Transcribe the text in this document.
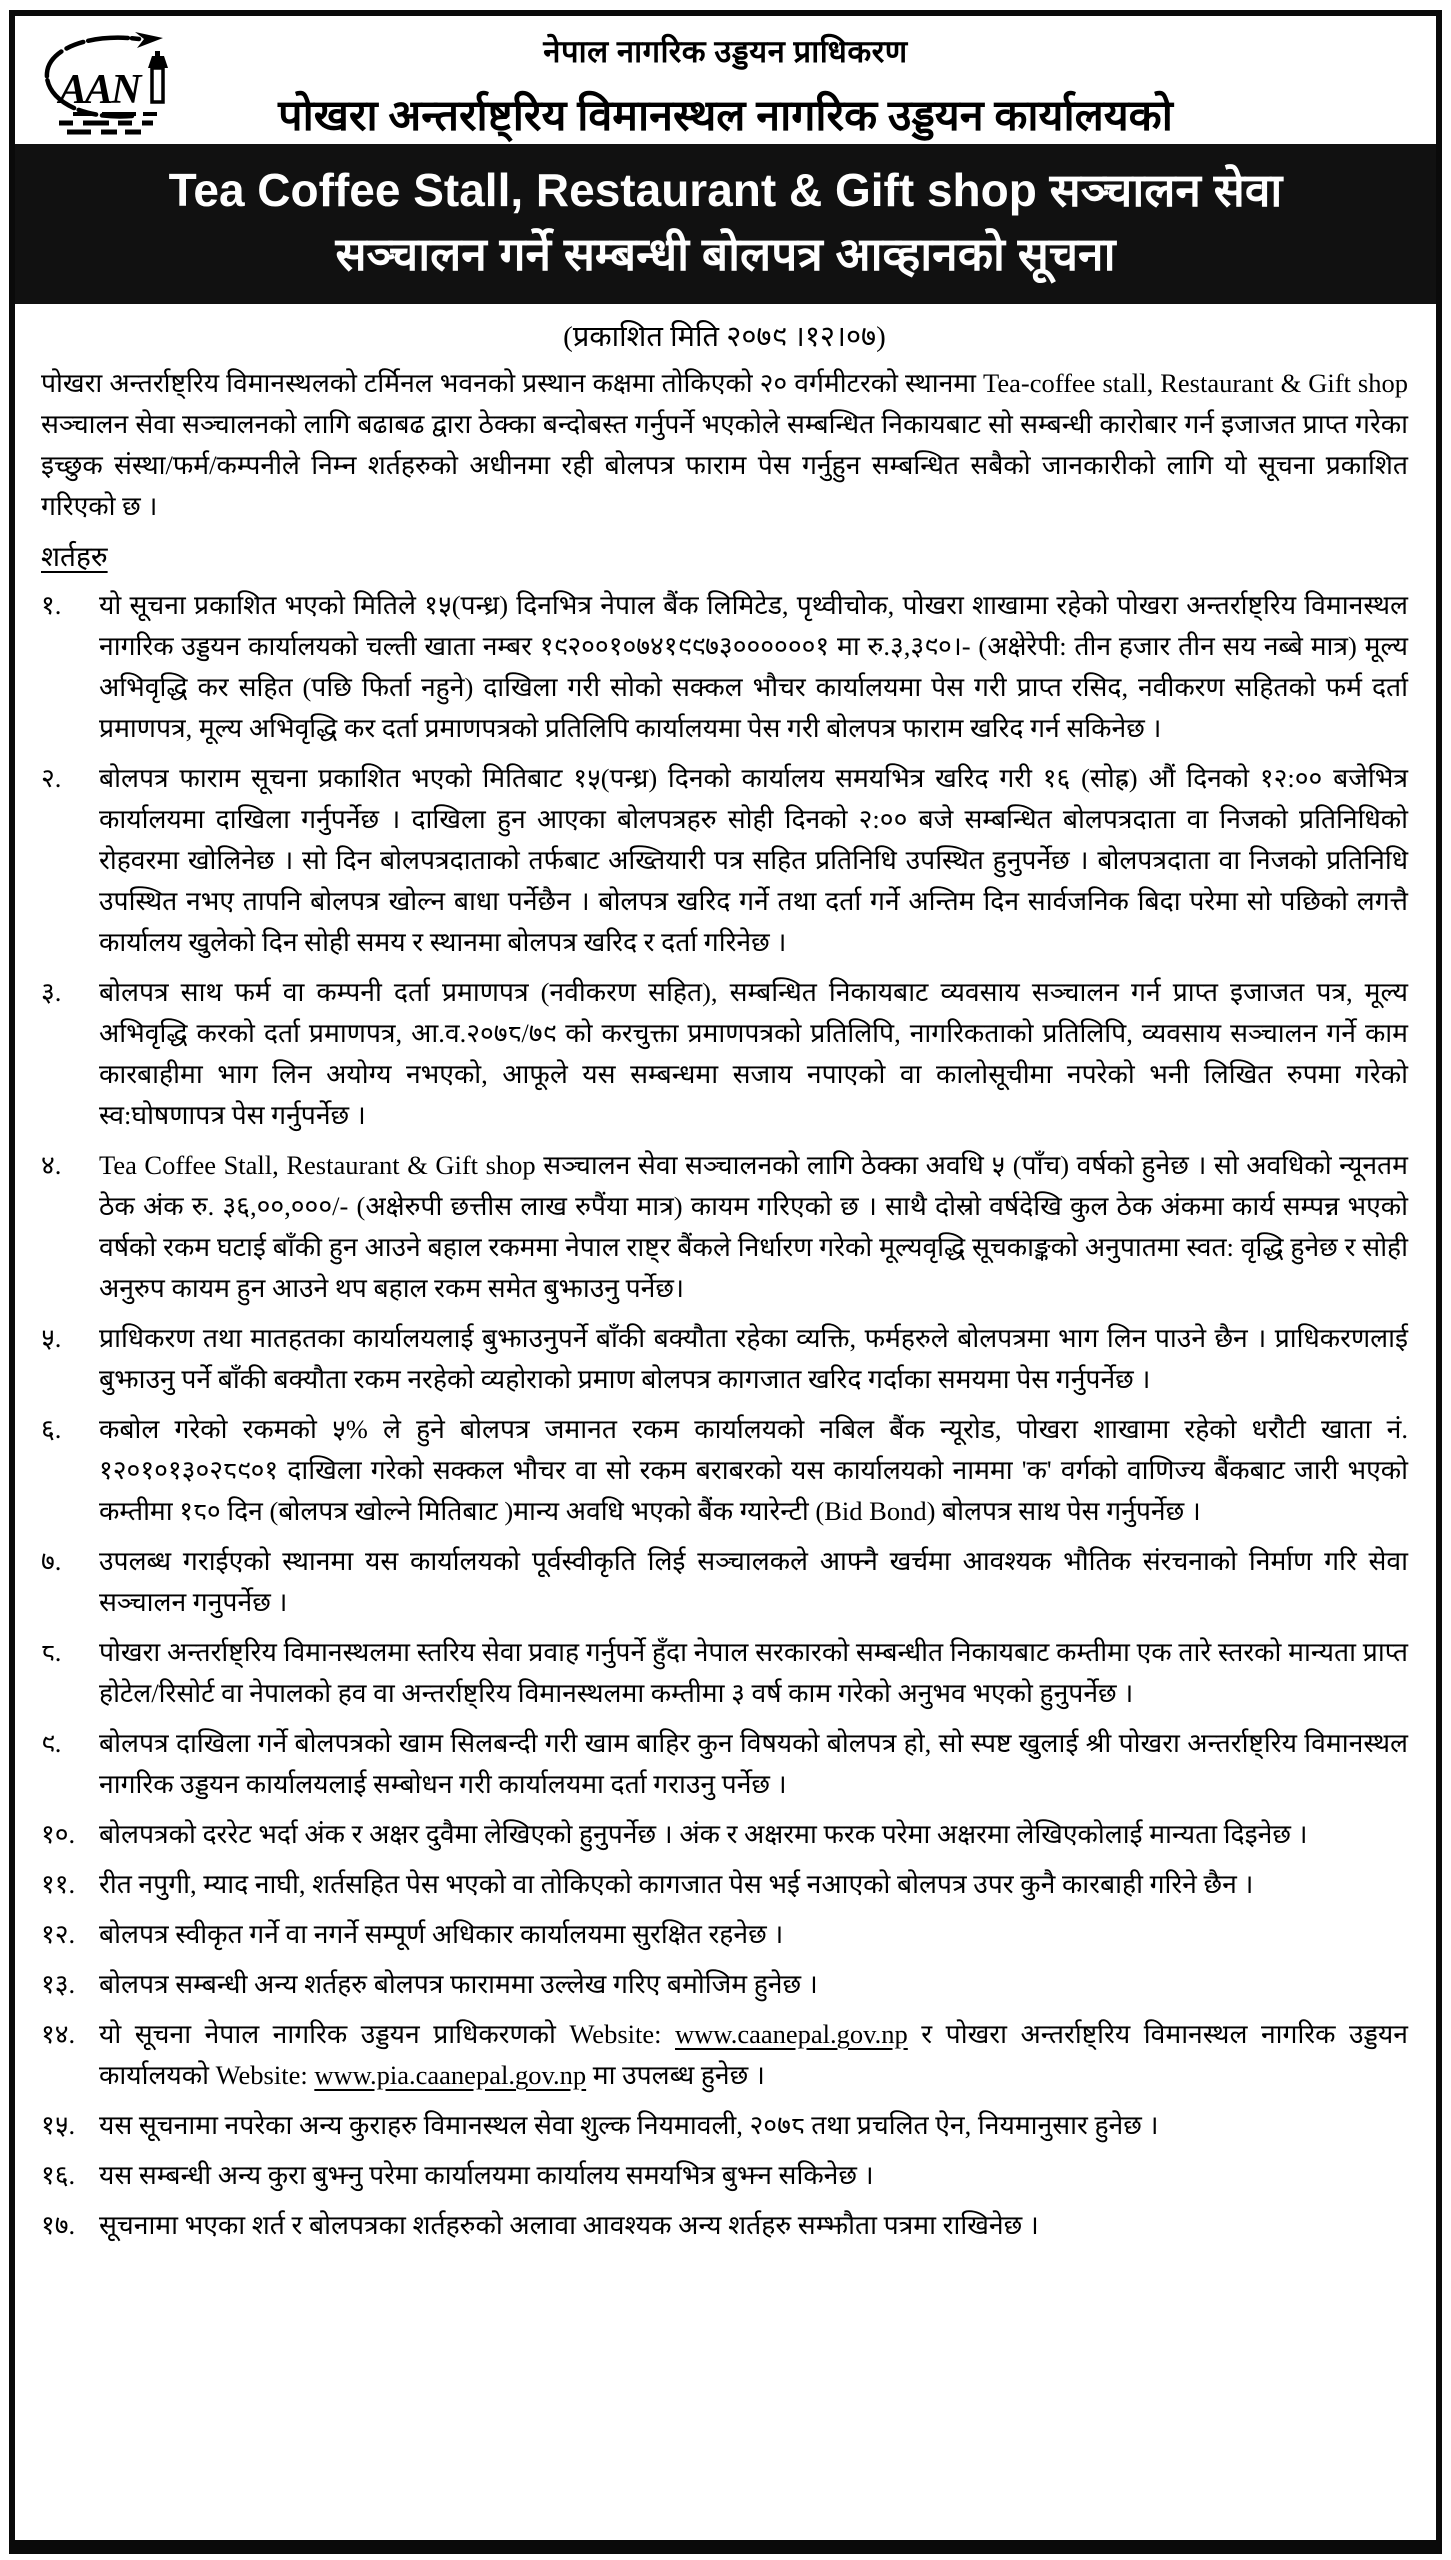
AAN
नेपाल नागरिक उड्डयन प्राधिकरण
पोखरा अन्तर्राष्ट्रिय विमानस्थल नागरिक उड्डयन कार्यालयको
Tea Coffee Stall, Restaurant & Gift shop सञ्चालन सेवा
सञ्चालन गर्ने सम्बन्धी बोलपत्र आव्हानको सूचना
(प्रकाशित मिति २०७९ ।१२।०७)

पोखरा अन्तर्राष्ट्रिय विमानस्थलको टर्मिनल भवनको प्रस्थान कक्षमा तोकिएको २० वर्गमीटरको स्थानमा Tea-coffee stall, Restaurant & Gift shop सञ्चालन सेवा सञ्चालनको लागि बढाबढ द्वारा ठेक्का बन्दोबस्त गर्नुपर्ने भएकोले सम्बन्धित निकायबाट सो सम्बन्धी कारोबार गर्न इजाजत प्राप्त गरेका इच्छुक संस्था/फर्म/कम्पनीले निम्न शर्तहरुको अधीनमा रही बोलपत्र फाराम पेस गर्नुहुन सम्बन्धित सबैको जानकारीको लागि यो सूचना प्रकाशित गरिएको छ ।

शर्तहरु
१.	यो सूचना प्रकाशित भएको मितिले १५(पन्ध्र) दिनभित्र नेपाल बैंक लिमिटेड, पृथ्वीचोक, पोखरा शाखामा रहेको पोखरा अन्तर्राष्ट्रिय विमानस्थल नागरिक उड्डयन कार्यालयको चल्ती खाता नम्बर १९२००१०७४१९९७३००००००१ मा रु.३,३९०।- (अक्षेरेपी: तीन हजार तीन सय नब्बे मात्र) मूल्य अभिवृद्धि कर सहित (पछि फिर्ता नहुने) दाखिला गरी सोको सक्कल भौचर कार्यालयमा पेस गरी प्राप्त रसिद, नवीकरण सहितको फर्म दर्ता प्रमाणपत्र, मूल्य अभिवृद्धि कर दर्ता प्रमाणपत्रको प्रतिलिपि कार्यालयमा पेस गरी बोलपत्र फाराम खरिद गर्न सकिनेछ ।
२.	बोलपत्र फाराम सूचना प्रकाशित भएको मितिबाट १५(पन्ध्र) दिनको कार्यालय समयभित्र खरिद गरी १६ (सोह्र) औं दिनको १२:०० बजेभित्र कार्यालयमा दाखिला गर्नुपर्नेछ । दाखिला हुन आएका बोलपत्रहरु सोही दिनको २:०० बजे सम्बन्धित बोलपत्रदाता वा निजको प्रतिनिधिको रोहवरमा खोलिनेछ । सो दिन बोलपत्रदाताको तर्फबाट अख्तियारी पत्र सहित प्रतिनिधि उपस्थित हुनुपर्नेछ । बोलपत्रदाता वा निजको प्रतिनिधि उपस्थित नभए तापनि बोलपत्र खोल्न बाधा पर्नेछैन । बोलपत्र खरिद गर्ने तथा दर्ता गर्ने अन्तिम दिन सार्वजनिक बिदा परेमा सो पछिको लगत्तै कार्यालय खुलेको दिन सोही समय र स्थानमा बोलपत्र खरिद र दर्ता गरिनेछ ।
३.	बोलपत्र साथ फर्म वा कम्पनी दर्ता प्रमाणपत्र (नवीकरण सहित), सम्बन्धित निकायबाट व्यवसाय सञ्चालन गर्न प्राप्त इजाजत पत्र, मूल्य अभिवृद्धि करको दर्ता प्रमाणपत्र, आ.व.२०७८/७९ को करचुक्ता प्रमाणपत्रको प्रतिलिपि, नागरिकताको प्रतिलिपि, व्यवसाय सञ्चालन गर्ने काम कारबाहीमा भाग लिन अयोग्य नभएको, आफूले यस सम्बन्धमा सजाय नपाएको वा कालोसूचीमा नपरेको भनी लिखित रुपमा गरेको स्व:घोषणापत्र पेस गर्नुपर्नेछ ।
४.	Tea Coffee Stall, Restaurant & Gift shop सञ्चालन सेवा सञ्चालनको लागि ठेक्का अवधि ५ (पाँच) वर्षको हुनेछ । सो अवधिको न्यूनतम ठेक अंक रु. ३६,००,०००/- (अक्षेरुपी छत्तीस लाख रुपैंया मात्र) कायम गरिएको छ । साथै दोस्रो वर्षदेखि कुल ठेक अंकमा कार्य सम्पन्न भएको वर्षको रकम घटाई बाँकी हुन आउने बहाल रकममा नेपाल राष्ट्र बैंकले निर्धारण गरेको मूल्यवृद्धि सूचकाङ्कको अनुपातमा स्वत: वृद्धि हुनेछ र सोही अनुरुप कायम हुन आउने थप बहाल रकम समेत बुझाउनु पर्नेछ।
५.	प्राधिकरण तथा मातहतका कार्यालयलाई बुझाउनुपर्ने बाँकी बक्यौता रहेका व्यक्ति, फर्महरुले बोलपत्रमा भाग लिन पाउने छैन । प्राधिकरणलाई बुझाउनु पर्ने बाँकी बक्यौता रकम नरहेको व्यहोराको प्रमाण बोलपत्र कागजात खरिद गर्दाका समयमा पेस गर्नुपर्नेछ ।
६.	कबोल गरेको रकमको ५% ले हुने बोलपत्र जमानत रकम कार्यालयको नबिल बैंक न्यूरोड, पोखरा शाखामा रहेको धरौटी खाता नं. १२०१०१३०२८९०१ दाखिला गरेको सक्कल भौचर वा सो रकम बराबरको यस कार्यालयको नाममा 'क' वर्गको वाणिज्य बैंकबाट जारी भएको कम्तीमा १८० दिन (बोलपत्र खोल्ने मितिबाट )मान्य अवधि भएको बैंक ग्यारेन्टी (Bid Bond) बोलपत्र साथ पेस गर्नुपर्नेछ ।
७.	उपलब्ध गराईएको स्थानमा यस कार्यालयको पूर्वस्वीकृति लिई सञ्चालकले आफ्नै खर्चमा आवश्यक भौतिक संरचनाको निर्माण गरि सेवा सञ्चालन गनुपर्नेछ ।
८.	पोखरा अन्तर्राष्ट्रिय विमानस्थलमा स्तरिय सेवा प्रवाह गर्नुपर्ने हुँदा नेपाल सरकारको सम्बन्धीत निकायबाट कम्तीमा एक तारे स्तरको मान्यता प्राप्त होटेल/रिसोर्ट वा नेपालको हव वा अन्तर्राष्ट्रिय विमानस्थलमा कम्तीमा ३ वर्ष काम गरेको अनुभव भएको हुनुपर्नेछ ।
९.	बोलपत्र दाखिला गर्ने बोलपत्रको खाम सिलबन्दी गरी खाम बाहिर कुन विषयको बोलपत्र हो, सो स्पष्ट खुलाई श्री पोखरा अन्तर्राष्ट्रिय विमानस्थल नागरिक उड्डयन कार्यालयलाई सम्बोधन गरी कार्यालयमा दर्ता गराउनु पर्नेछ ।
१०. बोलपत्रको दररेट भर्दा अंक र अक्षर दुवैमा लेखिएको हुनुपर्नेछ । अंक र अक्षरमा फरक परेमा अक्षरमा लेखिएकोलाई मान्यता दिइनेछ ।
११. रीत नपुगी, म्याद नाघी, शर्तसहित पेस भएको वा तोकिएको कागजात पेस भई नआएको बोलपत्र उपर कुनै कारबाही गरिने छैन ।
१२. बोलपत्र स्वीकृत गर्ने वा नगर्ने सम्पूर्ण अधिकार कार्यालयमा सुरक्षित रहनेछ ।
१३. बोलपत्र सम्बन्धी अन्य शर्तहरु बोलपत्र फाराममा उल्लेख गरिए बमोजिम हुनेछ ।
१४. यो सूचना नेपाल नागरिक उड्डयन प्राधिकरणको Website: www.caanepal.gov.np र पोखरा अन्तर्राष्ट्रिय विमानस्थल नागरिक उड्डयन कार्यालयको Website: www.pia.caanepal.gov.np मा उपलब्ध हुनेछ ।
१५. यस सूचनामा नपरेका अन्य कुराहरु विमानस्थल सेवा शुल्क नियमावली, २०७८ तथा प्रचलित ऐन, नियमानुसार हुनेछ ।
१६. यस सम्बन्धी अन्य कुरा बुझ्नु परेमा कार्यालयमा कार्यालय समयभित्र बुझ्न सकिनेछ ।
१७. सूचनामा भएका शर्त र बोलपत्रका शर्तहरुको अलावा आवश्यक अन्य शर्तहरु सम्झौता पत्रमा राखिनेछ ।
